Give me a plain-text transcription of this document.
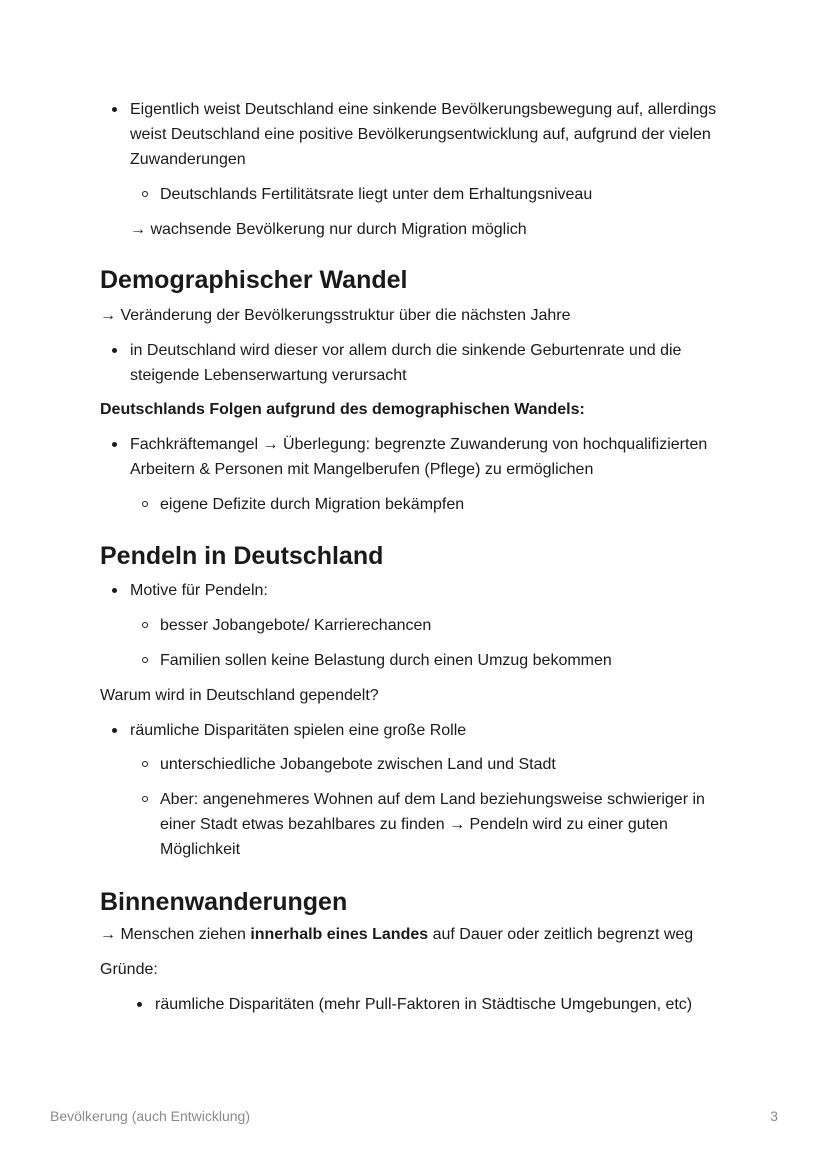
Eigentlich weist Deutschland eine sinkende Bevölkerungsbewegung auf, allerdings weist Deutschland eine positive Bevölkerungsentwicklung auf, aufgrund der vielen Zuwanderungen
Deutschlands Fertilitätsrate liegt unter dem Erhaltungsniveau

→ wachsende Bevölkerung nur durch Migration möglich

Demographischer Wandel

→ Veränderung der Bevölkerungsstruktur über die nächsten Jahre

in Deutschland wird dieser vor allem durch die sinkende Geburtenrate und die steigende Lebenserwartung verursacht

Deutschlands Folgen aufgrund des demographischen Wandels:

Fachkräftemangel → Überlegung: begrenzte Zuwanderung von hochqualifizierten Arbeitern & Personen mit Mangelberufen (Pflege) zu ermöglichen
eigene Defizite durch Migration bekämpfen
Pendeln in Deutschland
Motive für Pendeln:
besser Jobangebote/ Karrierechancen
Familien sollen keine Belastung durch einen Umzug bekommen

Warum wird in Deutschland gependelt?

räumliche Disparitäten spielen eine große Rolle
unterschiedliche Jobangebote zwischen Land und Stadt
Aber: angenehmeres Wohnen auf dem Land beziehungsweise schwieriger in einer Stadt etwas bezahlbares zu finden → Pendeln wird zu einer guten Möglichkeit
Binnenwanderungen

→ Menschen ziehen innerhalb eines Landes auf Dauer oder zeitlich begrenzt weg

Gründe:

räumliche Disparitäten (mehr Pull-Faktoren in Städtische Umgebungen, etc)
Bevölkerung (auch Entwicklung)	3
